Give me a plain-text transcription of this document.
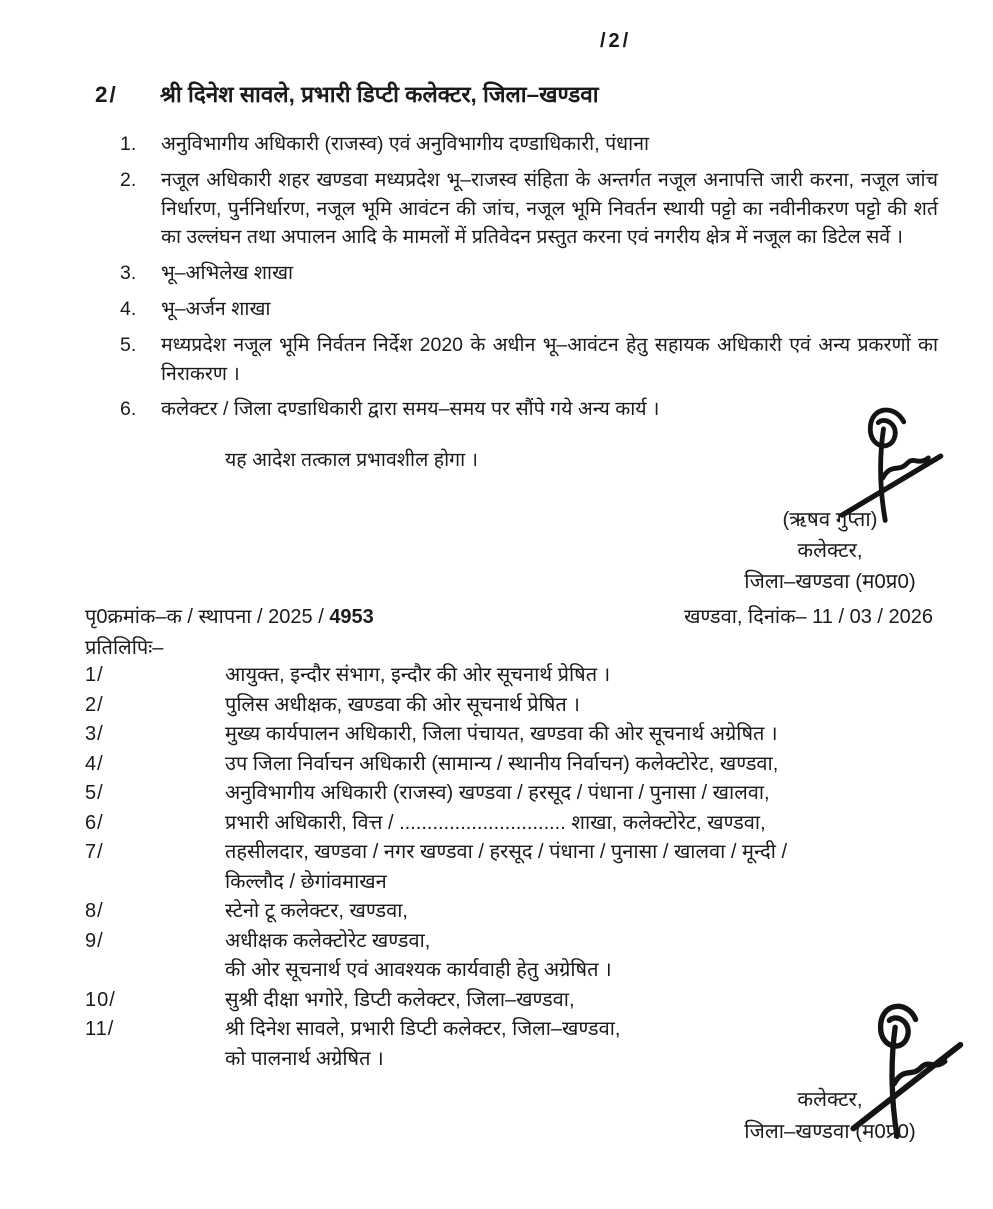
/2/
2/	श्री दिनेश सावले, प्रभारी डिप्टी कलेक्टर, जिला–खण्डवा
1.	अनुविभागीय अधिकारी (राजस्व) एवं अनुविभागीय दण्डाधिकारी, पंधाना
2.	नजूल अधिकारी शहर खण्डवा मध्यप्रदेश भू–राजस्व संहिता के अन्तर्गत नजूल अनापत्ति जारी करना, नजूल जांच निर्धारण, पुर्ननिर्धारण, नजूल भूमि आवंटन की जांच, नजूल भूमि निवर्तन स्थायी पट्टो का नवीनीकरण पट्टो की शर्त का उल्लंघन तथा अपालन आदि के मामलों में प्रतिवेदन प्रस्तुत करना एवं नगरीय क्षेत्र में नजूल का डिटेल सर्वे ।
3.	भू–अभिलेख शाखा
4.	भू–अर्जन शाखा
5.	मध्यप्रदेश नजूल भूमि निर्वतन निर्देश 2020 के अधीन भू–आवंटन हेतु सहायक अधिकारी एवं अन्य प्रकरणों का निराकरण ।
6.	कलेक्टर / जिला दण्डाधिकारी द्वारा समय–समय पर सौंपे गये अन्य कार्य ।
यह आदेश तत्काल प्रभावशील होगा ।
(ऋषव गुप्ता)
कलेक्टर,
जिला–खण्डवा (म0प्र0)
पृ0क्रमांक–क / स्थापना / 2025 / 4953	खण्डवा, दिनांक– 11 / 03 / 2026
प्रतिलिपिः–
1/	आयुक्त, इन्दौर संभाग, इन्दौर की ओर सूचनार्थ प्रेषित ।
2/	पुलिस अधीक्षक, खण्डवा की ओर सूचनार्थ प्रेषित ।
3/	मुख्य कार्यपालन अधिकारी, जिला पंचायत, खण्डवा की ओर सूचनार्थ अग्रेषित ।
4/	उप जिला निर्वाचन अधिकारी (सामान्य / स्थानीय निर्वाचन) कलेक्टोरेट, खण्डवा,
5/	अनुविभागीय अधिकारी (राजस्व) खण्डवा / हरसूद / पंधाना / पुनासा / खालवा,
6/	प्रभारी अधिकारी, वित्त / .............................. शाखा, कलेक्टोरेट, खण्डवा,
7/	तहसीलदार, खण्डवा / नगर खण्डवा / हरसूद / पंधाना / पुनासा / खालवा / मून्दी /
किल्लौद / छेगांवमाखन
8/	स्टेनो टू कलेक्टर, खण्डवा,
9/	अधीक्षक कलेक्टोरेट खण्डवा,
की ओर सूचनार्थ एवं आवश्यक कार्यवाही हेतु अग्रेषित ।
10/	सुश्री दीक्षा भगोरे, डिप्टी कलेक्टर, जिला–खण्डवा,
11/	श्री दिनेश सावले, प्रभारी डिप्टी कलेक्टर, जिला–खण्डवा,
को पालनार्थ अग्रेषित ।
कलेक्टर,
जिला–खण्डवा (म0प्र0)
